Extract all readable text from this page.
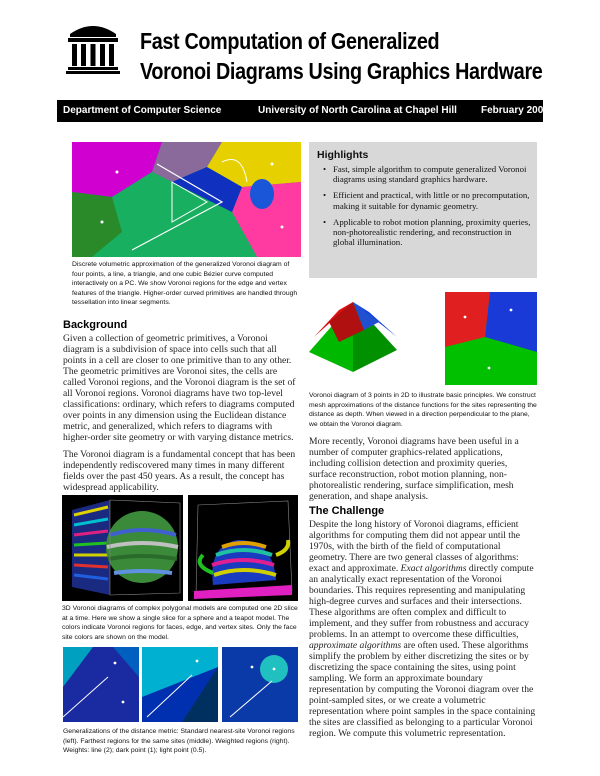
Fast Computation of Generalized
Voronoi Diagrams Using Graphics Hardware
Department of Computer Science	University of North Carolina at Chapel Hill February 2004
Discrete volumetric approximation of the generalized Voronoi diagram of four points, a line, a triangle, and one cubic Bézier curve computed interactively on a PC. We show Voronoi regions for the edge and vertex features of the triangle. Higher-order curved primitives are handled through tessellation into linear segments.
Highlights
• Fast, simple algorithm to compute generalized Voronoi diagrams using standard graphics hardware.
• Efficient and practical, with little or no precomputation, making it suitable for dynamic geometry.
• Applicable to robot motion planning, proximity queries, non-photorealistic rendering, and reconstruction in global illumination.
Voronoi diagram of 3 points in 2D to illustrate basic principles. We construct mesh approximations of the distance functions for the sites representing the distance as depth. When viewed in a direction perpendicular to the plane, we obtain the Voronoi diagram.
Background

Given a collection of geometric primitives, a Voronoi diagram is a subdivision of space into cells such that all points in a cell are closer to one primitive than to any other. The geometric primitives are Voronoi sites, the cells are called Voronoi regions, and the Voronoi diagram is the set of all Voronoi regions. Voronoi diagrams have two top-level classifications: ordinary, which refers to diagrams computed over points in any dimension using the Euclidean distance metric, and generalized, which refers to diagrams with higher-order site geometry or with varying distance metrics.

The Voronoi diagram is a fundamental concept that has been independently rediscovered many times in many different fields over the past 450 years. As a result, the concept has widespread applicability.

3D Voronoi diagrams of complex polygonal models are computed one 2D slice at a time. Here we show a single slice for a sphere and a teapot model. The colors indicate Voronoi regions for faces, edge, and vertex sites. Only the face site colors are shown on the model.
Generalizations of the distance metric: Standard nearest-site Voronoi regions (left). Farthest regions for the same sites (middle). Weighted regions (right). Weights: line (2); dark point (1); light point (0.5).
More recently, Voronoi diagrams have been useful in a number of computer graphics-related applications, including collision detection and proximity queries, surface reconstruction, robot motion planning, non-photorealistic rendering, surface simplification, mesh generation, and shape analysis.
The Challenge

Despite the long history of Voronoi diagrams, efficient algorithms for computing them did not appear until the 1970s, with the birth of the field of computational geometry. There are two general classes of algorithms: exact and approximate. Exact algorithms directly compute an analytically exact representation of the Voronoi boundaries. This requires representing and manipulating high-degree curves and surfaces and their intersections. These algorithms are often complex and difficult to implement, and they suffer from robustness and accuracy problems. In an attempt to overcome these difficulties, approximate algorithms are often used. These algorithms simplify the problem by either discretizing the sites or by discretizing the space containing the sites, using point sampling. We form an approximate boundary representation by computing the Voronoi diagram over the point-sampled sites, or we create a volumetric representation where point samples in the space containing the sites are classified as belonging to a particular Voronoi region. We compute this volumetric representation.
